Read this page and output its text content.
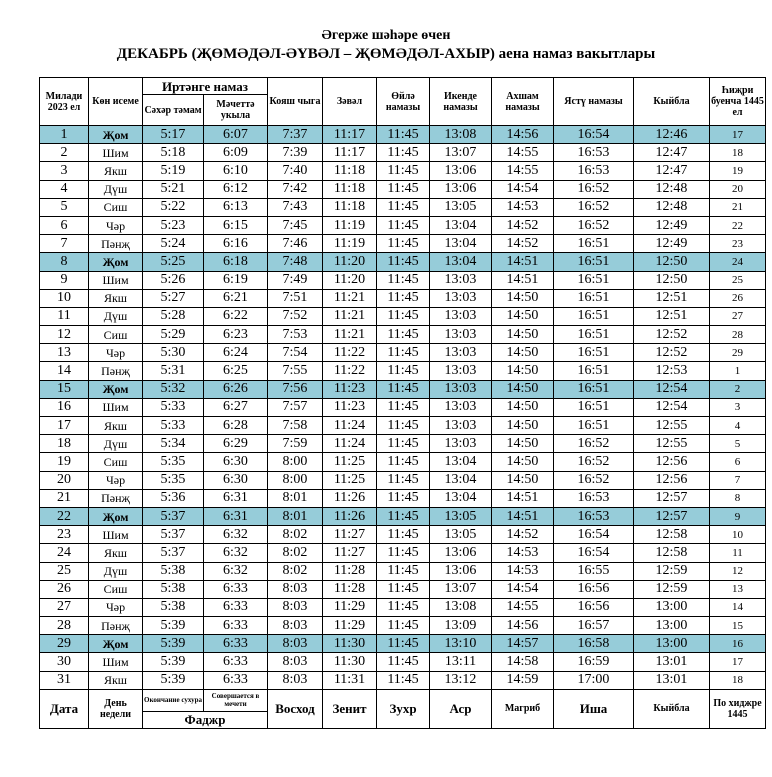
Әгерже шәһәре өчен
ДЕКАБРЬ (ҖӨМӘДӘЛ-ӘҮВӘЛ – ҖӨМӘДӘЛ-АХЫР) аена намаз вакытлары
Милади 2023 ел	Көн исеме	Иртәнге намаз		Кояш чыга	Зәвәл	Өйлә намазы	Икенде намазы	Ахшам намазы	Ястү намазы	Кыйбла	Һиҗри буенча 1445 ел
		Сәхәр тәмам	Мәчеттә укыла								
1	Җом	5:17	6:07	7:37	11:17	11:45	13:08	14:56	16:54	12:46	17
2	Шим	5:18	6:09	7:39	11:17	11:45	13:07	14:55	16:53	12:47	18
3	Якш	5:19	6:10	7:40	11:18	11:45	13:06	14:55	16:53	12:47	19
4	Дүш	5:21	6:12	7:42	11:18	11:45	13:06	14:54	16:52	12:48	20
5	Сиш	5:22	6:13	7:43	11:18	11:45	13:05	14:53	16:52	12:48	21
6	Чәр	5:23	6:15	7:45	11:19	11:45	13:04	14:52	16:52	12:49	22
7	Пәнҗ	5:24	6:16	7:46	11:19	11:45	13:04	14:52	16:51	12:49	23
8	Җом	5:25	6:18	7:48	11:20	11:45	13:04	14:51	16:51	12:50	24
9	Шим	5:26	6:19	7:49	11:20	11:45	13:03	14:51	16:51	12:50	25
10	Якш	5:27	6:21	7:51	11:21	11:45	13:03	14:50	16:51	12:51	26
11	Дүш	5:28	6:22	7:52	11:21	11:45	13:03	14:50	16:51	12:51	27
12	Сиш	5:29	6:23	7:53	11:21	11:45	13:03	14:50	16:51	12:52	28
13	Чәр	5:30	6:24	7:54	11:22	11:45	13:03	14:50	16:51	12:52	29
14	Пәнҗ	5:31	6:25	7:55	11:22	11:45	13:03	14:50	16:51	12:53	1
15	Җом	5:32	6:26	7:56	11:23	11:45	13:03	14:50	16:51	12:54	2
16	Шим	5:33	6:27	7:57	11:23	11:45	13:03	14:50	16:51	12:54	3
17	Якш	5:33	6:28	7:58	11:24	11:45	13:03	14:50	16:51	12:55	4
18	Дүш	5:34	6:29	7:59	11:24	11:45	13:03	14:50	16:52	12:55	5
19	Сиш	5:35	6:30	8:00	11:25	11:45	13:04	14:50	16:52	12:56	6
20	Чәр	5:35	6:30	8:00	11:25	11:45	13:04	14:50	16:52	12:56	7
21	Пәнҗ	5:36	6:31	8:01	11:26	11:45	13:04	14:51	16:53	12:57	8
22	Җом	5:37	6:31	8:01	11:26	11:45	13:05	14:51	16:53	12:57	9
23	Шим	5:37	6:32	8:02	11:27	11:45	13:05	14:52	16:54	12:58	10
24	Якш	5:37	6:32	8:02	11:27	11:45	13:06	14:53	16:54	12:58	11
25	Дүш	5:38	6:32	8:02	11:28	11:45	13:06	14:53	16:55	12:59	12
26	Сиш	5:38	6:33	8:03	11:28	11:45	13:07	14:54	16:56	12:59	13
27	Чәр	5:38	6:33	8:03	11:29	11:45	13:08	14:55	16:56	13:00	14
28	Пәнҗ	5:39	6:33	8:03	11:29	11:45	13:09	14:56	16:57	13:00	15
29	Җом	5:39	6:33	8:03	11:30	11:45	13:10	14:57	16:58	13:00	16
30	Шим	5:39	6:33	8:03	11:30	11:45	13:11	14:58	16:59	13:01	17
31	Якш	5:39	6:33	8:03	11:31	11:45	13:12	14:59	17:00	13:01	18
Дата	День недели	Окончание сухура	Совершается в мечети	Восход	Зенит	Зухр	Аср	Магриб	Иша	Кыйбла	По хиджре 1445
		Фаджр									
